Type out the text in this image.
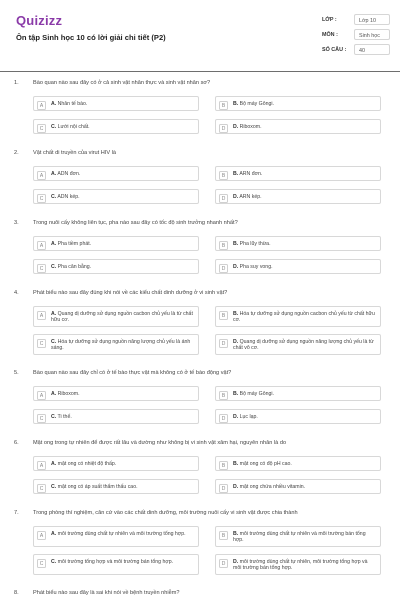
Quizizz
Ôn tập Sinh học 10 có lời giải chi tiết (P2)
LỚP :	Lớp 10
MÔN :	Sinh học
SỐ CÂU :	40
1.	Bào quan nào sau đây có ở cả sinh vật nhân thực và sinh vật nhân sơ?
A	A. Nhân tế bào.	B	B. Bộ máy Gôngi.
C	C. Lưới nội chất.	D	D. Riboxom.
2.	Vật chất di truyền của virut HIV là
A	A. ADN đơn.	B	B. ARN đơn.
C	C. ADN kép.	D	D. ARN kép.
3.	Trong nuôi cấy không liên tục, pha nào sau đây có tốc độ sinh trưởng nhanh nhất?
A	A. Pha tiềm phát.	B	B. Pha lũy thừa.
C	C. Pha cân bằng.	D	D. Pha suy vong.
4.	Phát biểu nào sau đây đúng khi nói về các kiểu chất dinh dưỡng ở vi sinh vật?
A	A. Quang dị dưỡng sử dụng nguồn cacbon chủ yếu là từ chất hữu cơ.
B	B. Hóa tự dưỡng sử dụng nguồn cacbon chủ yếu từ chất hữu cơ.
C	C. Hóa tự dưỡng sử dụng nguồn năng lượng chủ yếu là ánh sáng.
D	D. Quang dị dưỡng sử dụng nguồn năng lượng chủ yếu là từ chất vô cơ.
5.	Bào quan nào sau đây chỉ có ở tế bào thực vật mà không có ở tế bào động vật?
A	A. Riboxom.	B	B. Bộ máy Gôngi.
C	C. Ti thể.	D	D. Lục lạp.
6.	Mật ong trong tự nhiên để được rất lâu và dường như không bị vi sinh vật xâm hại, nguyên nhân là do
A	A. mật ong có nhiệt độ thấp.	B	B. mật ong có độ pH cao.
C	C. mật ong có áp suất thẩm thấu cao.	D	D. mật ong chứa nhiều vitamin.
7.	Trong phòng thí nghiệm, căn cứ vào các chất dinh dưỡng, môi trường nuôi cấy vi sinh vật được chia thành
A	A. môi trường dùng chất tự nhiên và môi trường tổng hợp.	B	B. môi trường dùng chất tự nhiên và môi trường bán tổng hợp.
C	C. môi trường tổng hợp và môi trường bán tổng hợp.	D	D. môi trường dùng chất tự nhiên, môi trường tổng hợp và môi trường bán tổng hợp.
8.	Phát biểu nào sau đây là sai khi nói về bệnh truyền nhiễm?
